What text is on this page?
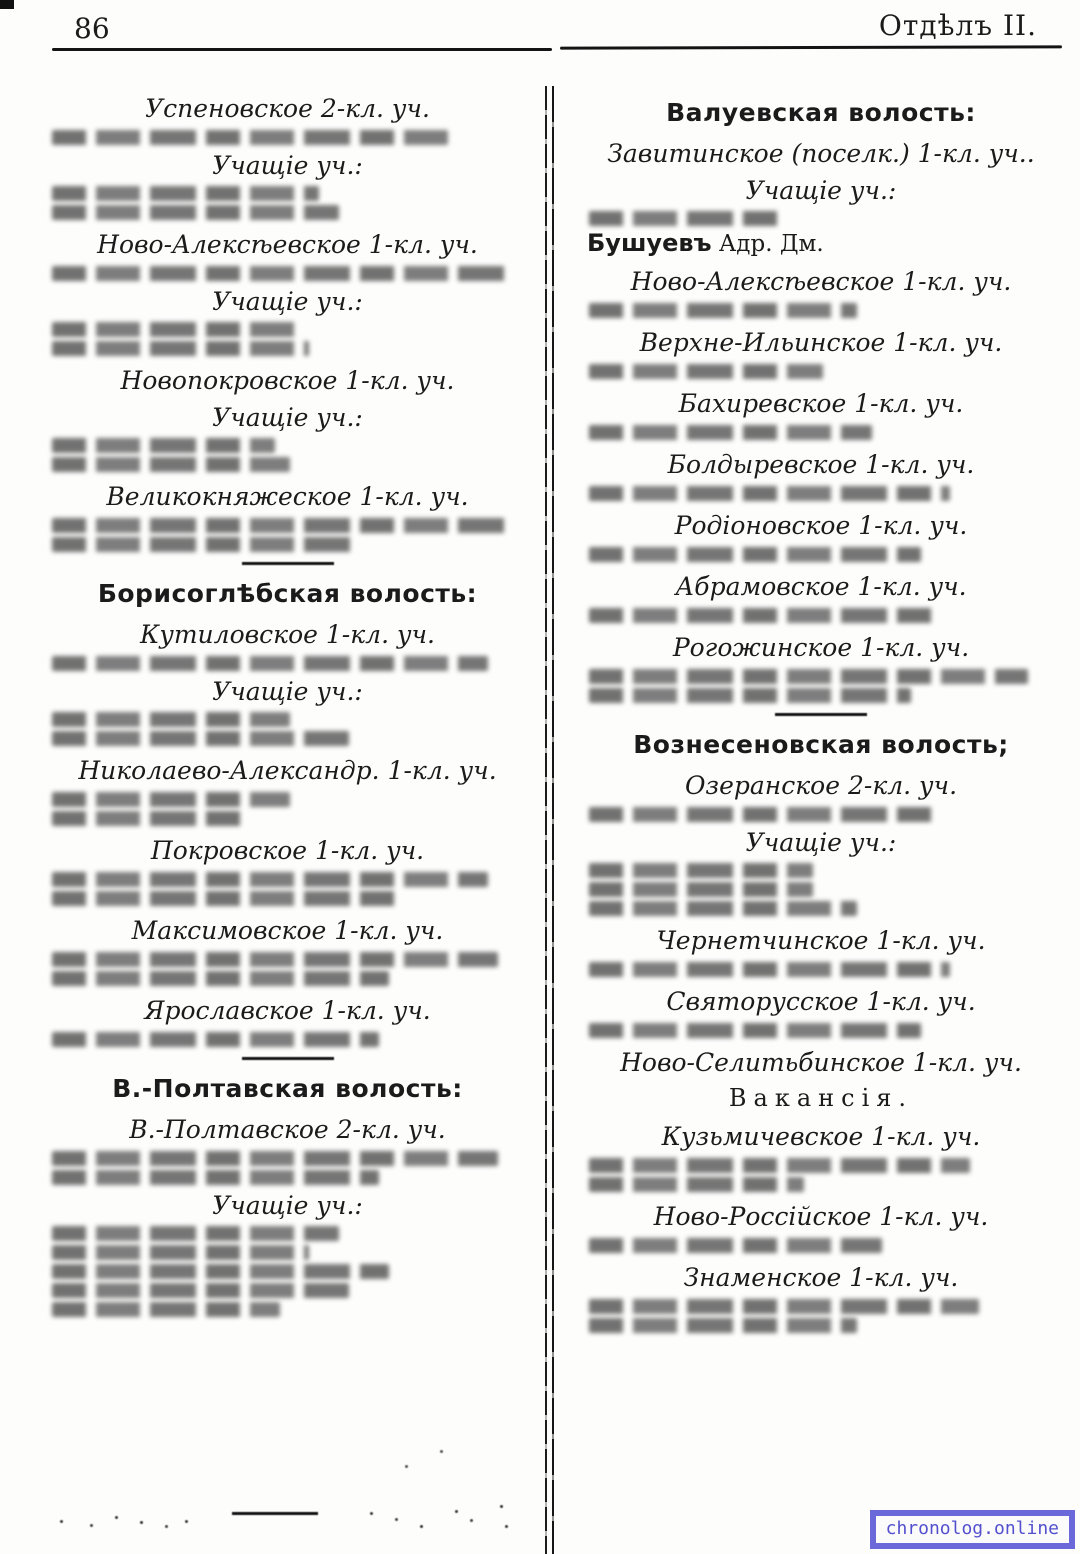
86	Отдѣлъ II.
Успеновское 2-кл. уч.
Учащіе уч.:
Ново-Алексѣевское 1-кл. уч.
Учащіе уч.:
Новопокровское 1-кл. уч.
Учащіе уч.:
Великокняжеское 1-кл. уч.
Борисоглѣбская волость:
Кутиловское 1-кл. уч.
Учащіе уч.:
Николаево-Александр. 1-кл. уч.
Покровское 1-кл. уч.
Максимовское 1-кл. уч.
Ярославское 1-кл. уч.
В.-Полтавская волость:
В.-Полтавское 2-кл. уч.
Учащіе уч.:
Валуевская волость:
Завитинское (поселк.) 1-кл. уч..
Учащіе уч.:
Бушуевъ Адр. Дм.
Ново-Алексѣевское 1-кл. уч.
Верхне-Ильинское 1-кл. уч.
Бахиревское 1-кл. уч.
Болдыревское 1-кл. уч.
Родіоновское 1-кл. уч.
Абрамовское 1-кл. уч.
Рогожинское 1-кл. уч.
Вознесеновская волость;
Озеранское 2-кл. уч.
Учащіе уч.:
Чернетчинское 1-кл. уч.
Святорусское 1-кл. уч.
Ново-Селитьбинское 1-кл. уч.
Вакансія.
Кузьмичевское 1-кл. уч.
Ново-Россійское 1-кл. уч.
Знаменское 1-кл. уч.
chronolog.online
